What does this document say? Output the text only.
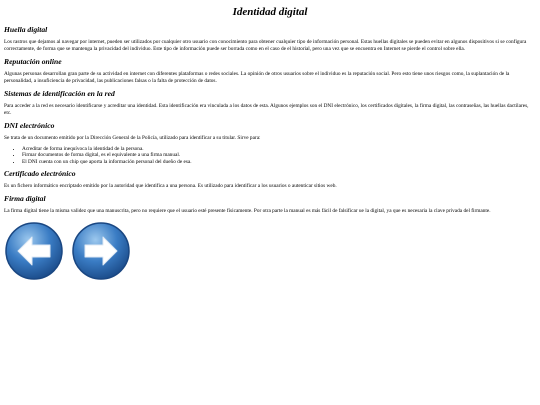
Identidad digital
Huella digital

Los rastros que dejamos al navegar por internet, pueden ser utilizados por cualquier otro usuario con conocimiento para obtener cualquier tipo de información personal. Estas huellas digitales se pueden evitar en algunos dispositivos si se configura correctamente, de forma que se mantenga la privacidad del individuo. Este tipo de información puede ser borrada como en el caso de el historial, pero una vez que se encuentra en Internet se pierde el control sobre ella.

Reputación online

Algunas personas desarrollan gran parte de su actividad en internet con diferentes plataformas o redes sociales. La opinión de otros usuarios sobre el individuo es la reputación social. Pero esto tiene unos riesgos como, la suplantación de la personalidad, a insuficiencia de privacidad, las publicaciones falsas o la falta de protección de datos.

Sistemas de identificación en la red

Para acceder a la red es necesario identificarse y acreditar una identidad. Esta identificación era vinculada a los datos de esta. Algunos ejemplos son el DNI electrónico, los certificados digitales, la firma digital, las contraseñas, las huellas dactilares, etc.

DNI electrónico

Se trata de un documento emitido por la Dirección General de la Policía, utilizado para identificar a su titular. Sirve para:

• Acreditar de forma inequívoca la identidad de la persona.
• Firmar documentos de forma digital, es el equivalente a una firma manual.
• El DNI cuenta con un chip que aporta la información personal del dueño de esa.
Certificado electrónico

Es un fichero informático encriptado emitido por la autoridad que identifica a una persona. Es utilizado para identificar a los usuarios o autenticar sitios web.

Firma digital

La firma digital tiene la misma validez que una manuscrita, pero no requiere que el usuario esté presente físicamente. Por otra parte la manual es más fácil de falsificar ue la digital, ya que es necesaria la clave privada del firmante.
